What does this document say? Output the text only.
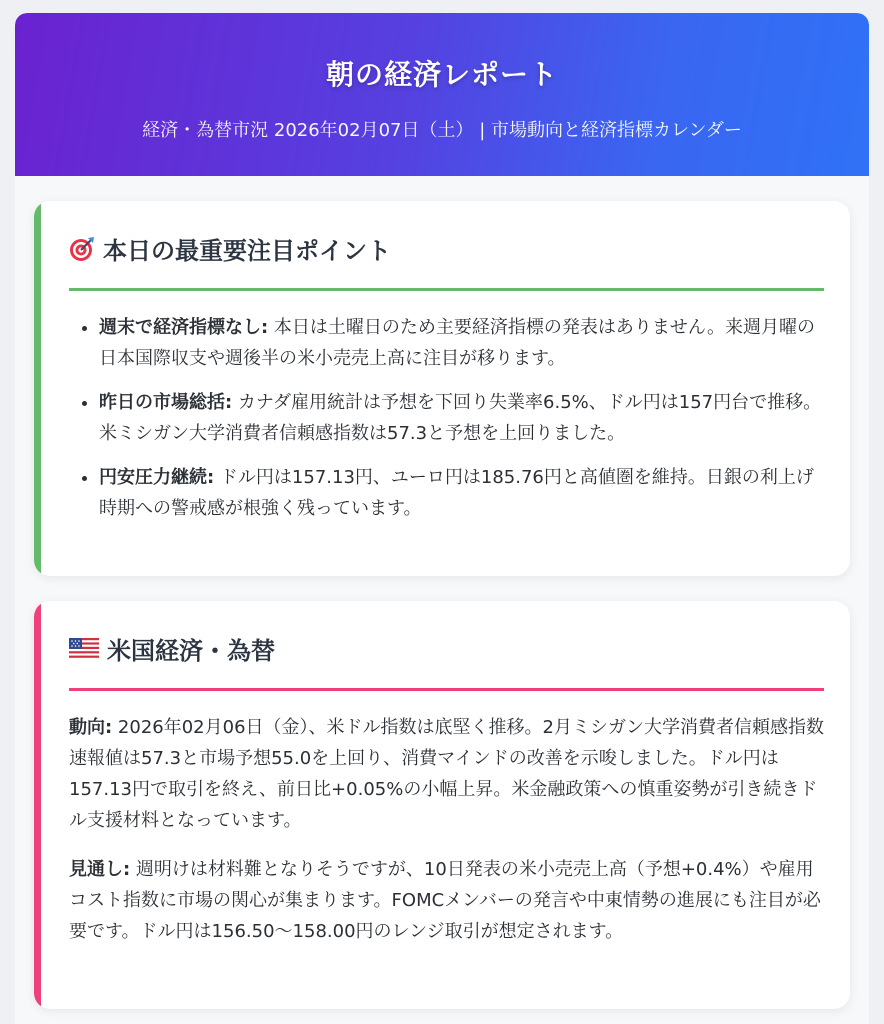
朝の経済レポート
経済・為替市況 2026年02月07日（土） | 市場動向と経済指標カレンダー
本日の最重要注目ポイント
• 週末で経済指標なし: 本日は土曜日のため主要経済指標の発表はありません。来週月曜の日本国際収支や週後半の米小売売上高に注目が移ります。
• 昨日の市場総括: カナダ雇用統計は予想を下回り失業率6.5%、ドル円は157円台で推移。米ミシガン大学消費者信頼感指数は57.3と予想を上回りました。
• 円安圧力継続: ドル円は157.13円、ユーロ円は185.76円と高値圏を維持。日銀の利上げ時期への警戒感が根強く残っています。
米国経済・為替

動向: 2026年02月06日（金）、米ドル指数は底堅く推移。2月ミシガン大学消費者信頼感指数速報値は57.3と市場予想55.0を上回り、消費マインドの改善を示唆しました。ドル円は157.13円で取引を終え、前日比+0.05%の小幅上昇。米金融政策への慎重姿勢が引き続きドル支援材料となっています。

見通し: 週明けは材料難となりそうですが、10日発表の米小売売上高（予想+0.4%）や雇用コスト指数に市場の関心が集まります。FOMCメンバーの発言や中東情勢の進展にも注目が必要です。ドル円は156.50〜158.00円のレンジ取引が想定されます。
